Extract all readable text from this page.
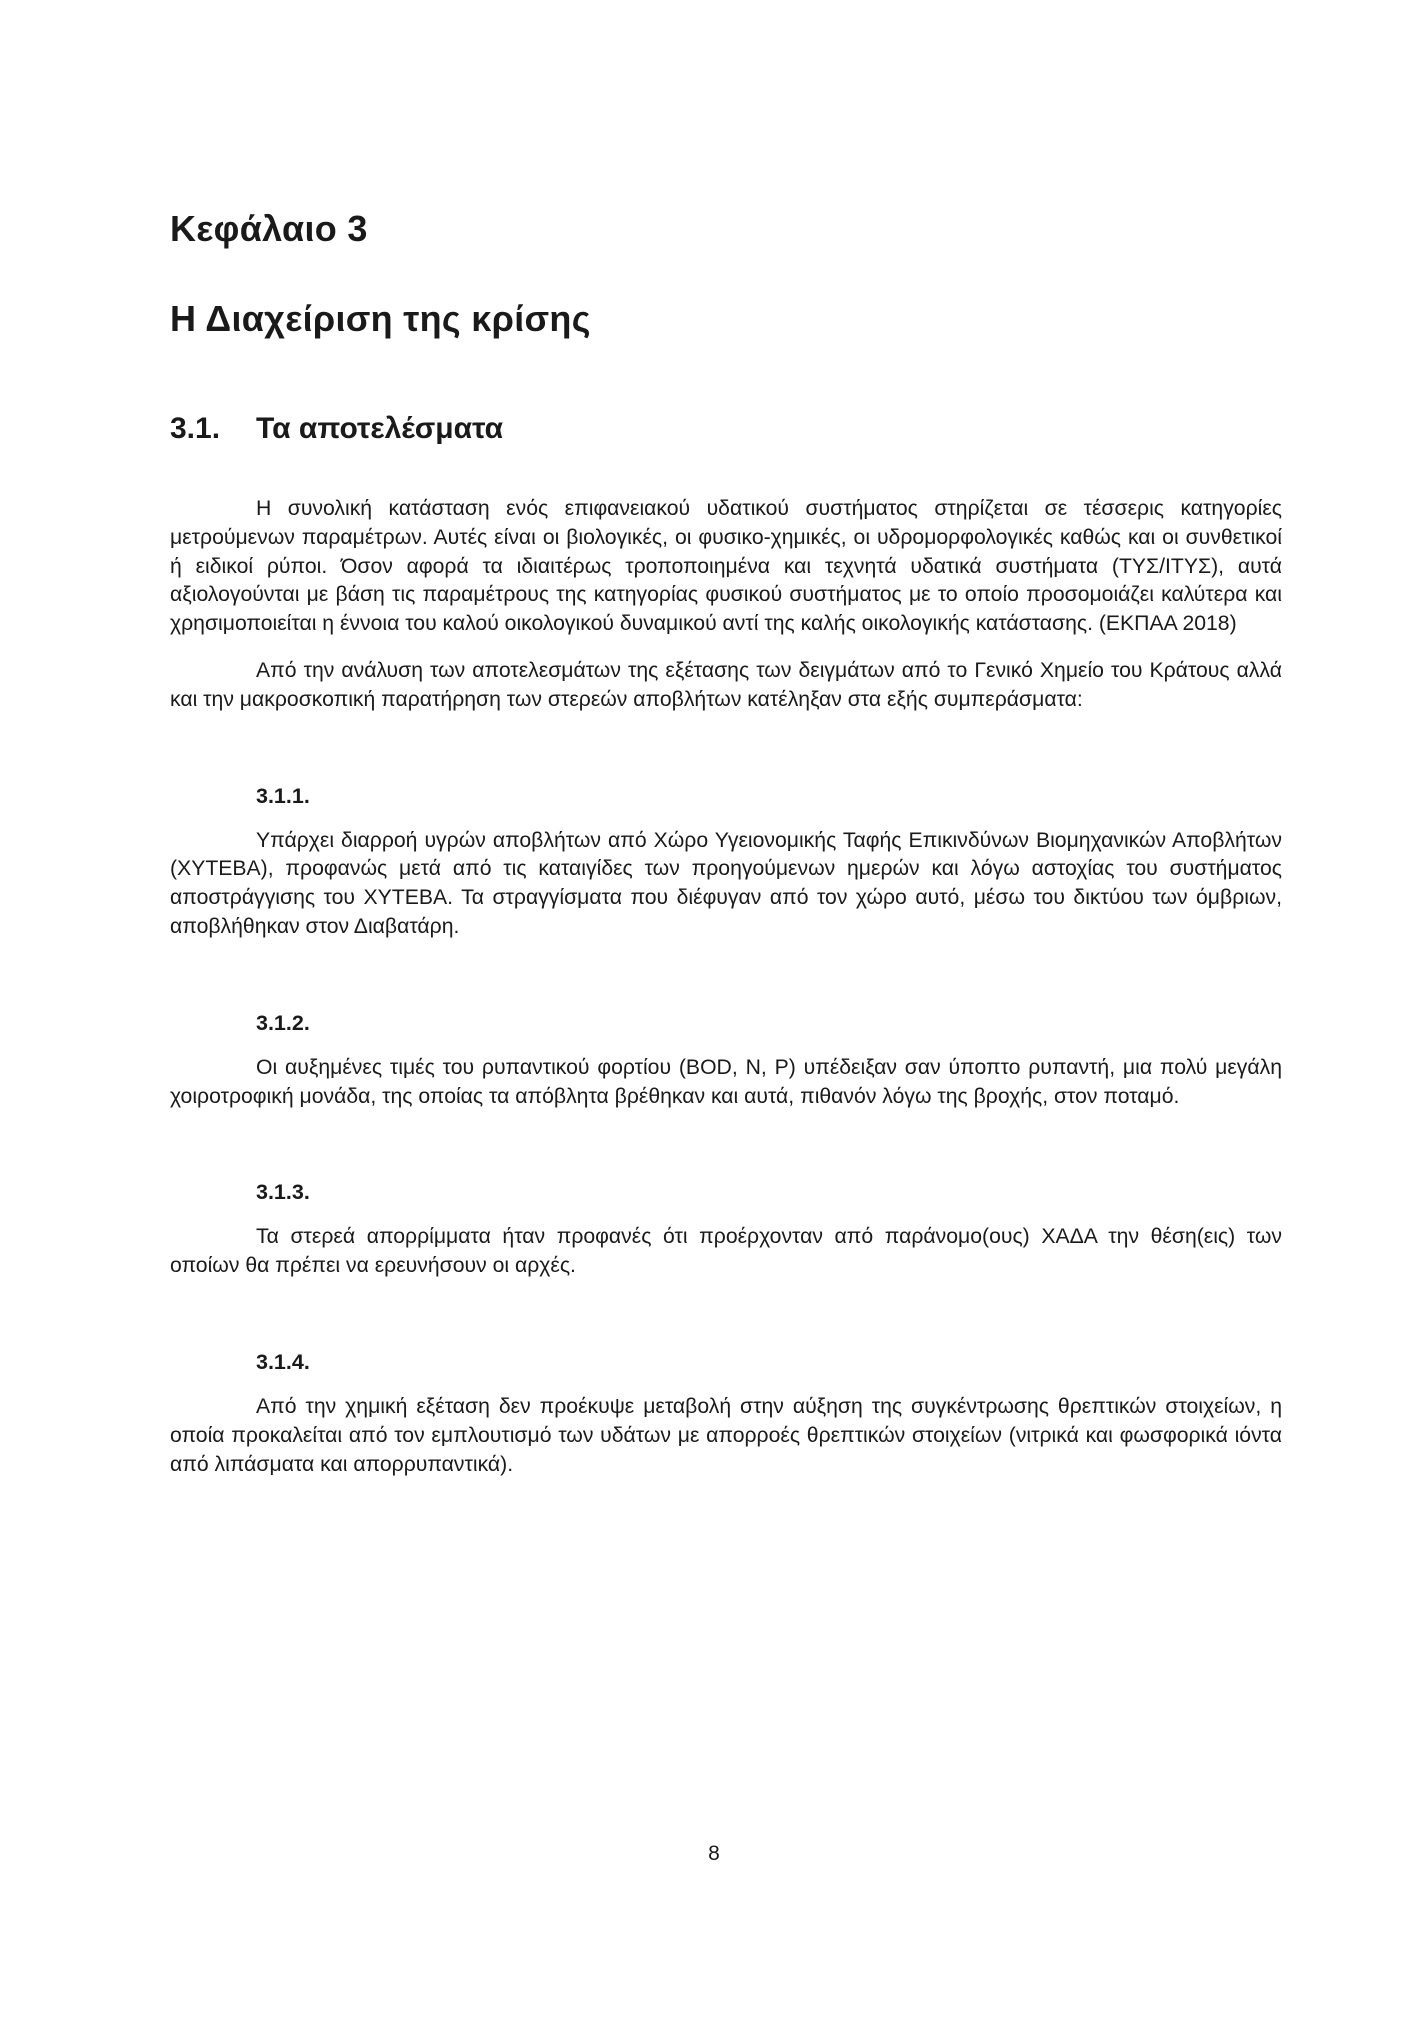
Κεφάλαιο 3
Η Διαχείριση της κρίσης
3.1. Τα αποτελέσματα

Η συνολική κατάσταση ενός επιφανειακού υδατικού συστήματος στηρίζεται σε τέσσερις κατηγορίες μετρούμενων παραμέτρων. Αυτές είναι οι βιολογικές, οι φυσικο-χημικές, οι υδρομορφολογικές καθώς και οι συνθετικοί ή ειδικοί ρύποι. Όσον αφορά τα ιδιαιτέρως τροποποιημένα και τεχνητά υδατικά συστήματα (ΤΥΣ/ΙΤΥΣ), αυτά αξιολογούνται με βάση τις παραμέτρους της κατηγορίας φυσικού συστήματος με το οποίο προσομοιάζει καλύτερα και χρησιμοποιείται η έννοια του καλού οικολογικού δυναμικού αντί της καλής οικολογικής κατάστασης. (ΕΚΠΑΑ 2018)

Από την ανάλυση των αποτελεσμάτων της εξέτασης των δειγμάτων από το Γενικό Χημείο του Κράτους αλλά και την μακροσκοπική παρατήρηση των στερεών αποβλήτων κατέληξαν στα εξής συμπεράσματα:

3.1.1.

Υπάρχει διαρροή υγρών αποβλήτων από Χώρο Υγειονομικής Ταφής Επικινδύνων Βιομηχανικών Αποβλήτων (ΧΥΤΕΒΑ), προφανώς μετά από τις καταιγίδες των προηγούμενων ημερών και λόγω αστοχίας του συστήματος αποστράγγισης του ΧΥΤΕΒΑ. Τα στραγγίσματα που διέφυγαν από τον χώρο αυτό, μέσω του δικτύου των όμβριων, αποβλήθηκαν στον Διαβατάρη.

3.1.2.

Οι αυξημένες τιμές του ρυπαντικού φορτίου (BOD, N, P) υπέδειξαν σαν ύποπτο ρυπαντή, μια πολύ μεγάλη χοιροτροφική μονάδα, της οποίας τα απόβλητα βρέθηκαν και αυτά, πιθανόν λόγω της βροχής, στον ποταμό.

3.1.3.

Τα στερεά απορρίμματα ήταν προφανές ότι προέρχονταν από παράνομο(ους) ΧΑΔΑ την θέση(εις) των οποίων θα πρέπει να ερευνήσουν οι αρχές.

3.1.4.

Από την χημική εξέταση δεν προέκυψε μεταβολή στην αύξηση της συγκέντρωσης θρεπτικών στοιχείων, η οποία προκαλείται από τον εμπλουτισμό των υδάτων με απορροές θρεπτικών στοιχείων (νιτρικά και φωσφορικά ιόντα από λιπάσματα και απορρυπαντικά).

8
